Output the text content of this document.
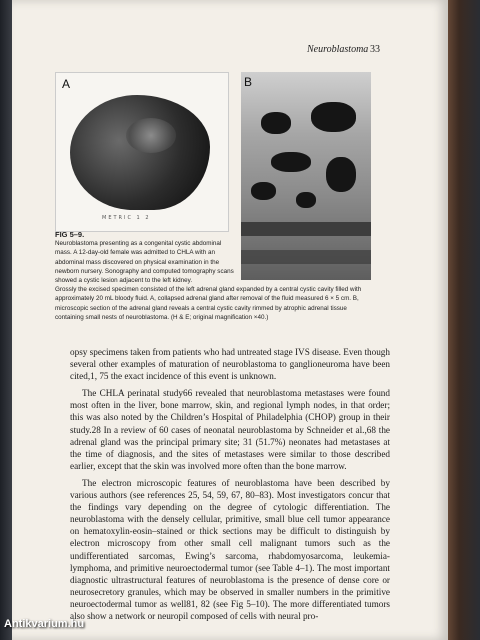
Neuroblastoma 33
A
METRIC 1 2
B
FIG 5–9.
Neuroblastoma presenting as a congenital cystic abdominal mass. A 12-day-old female was admitted to CHLA with an abdominal mass discovered on physical examination in the newborn nursery. Sonography and computed tomography scans showed a cystic lesion adjacent to the left kidney.
Grossly the excised specimen consisted of the left adrenal gland expanded by a central cystic cavity filled with approximately 20 mL bloody fluid. A, collapsed adrenal gland after removal of the fluid measured 6 × 5 cm. B, microscopic section of the adrenal gland reveals a central cystic cavity rimmed by atrophic adrenal tissue containing small nests of neuroblastoma. (H & E; original magnification ×40.)

opsy specimens taken from patients who had untreated stage IVS disease. Even though several other examples of maturation of neuroblastoma to ganglioneuroma have been cited,1, 75 the exact incidence of this event is unknown.

The CHLA perinatal study66 revealed that neuroblastoma metastases were found most often in the liver, bone marrow, skin, and regional lymph nodes, in that order; this was also noted by the Children’s Hospital of Philadelphia (CHOP) group in their study.28 In a review of 60 cases of neonatal neuroblastoma by Schneider et al.,68 the adrenal gland was the principal primary site; 31 (51.7%) neonates had metastases at the time of diagnosis, and the sites of metastases were similar to those described earlier, except that the skin was involved more often than the bone marrow.

The electron microscopic features of neuroblastoma have been described by various authors (see references 25, 54, 59, 67, 80–83). Most investigators concur that the findings vary depending on the degree of cytologic differentiation. The neuroblastoma with the densely cellular, primitive, small blue cell tumor appearance on hematoxylin-eosin–stained or thick sections may be difficult to distinguish by electron microscopy from other small cell malignant tumors such as the undifferentiated sarcomas, Ewing’s sarcoma, rhabdomyosarcoma, leukemia-lymphoma, and primitive neuroectodermal tumor (see Table 4–1). The most important diagnostic ultrastructural features of neuroblastoma is the presence of dense core or neurosecretory granules, which may be observed in smaller numbers in the primitive neuroectodermal tumor as well81, 82 (see Fig 5–10). The more differentiated tumors also show a network or neuropil composed of cells with neural pro-

Antikvarium.hu
